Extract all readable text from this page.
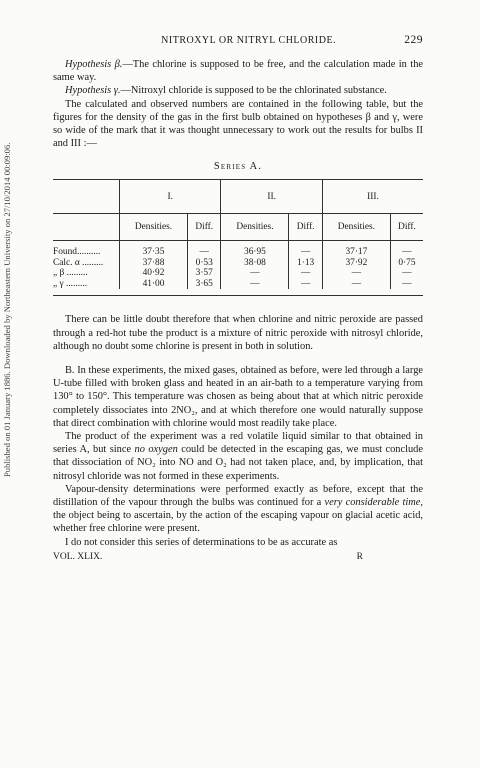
Published on 01 January 1886. Downloaded by Northeastern University on 27/10/2014 00:09:06.
NITROXYL OR NITRYL CHLORIDE.	229

Hypothesis β.—The chlorine is supposed to be free, and the calculation made in the same way.

Hypothesis γ.—Nitroxyl chloride is supposed to be the chlorinated substance.

The calculated and observed numbers are contained in the following table, but the figures for the density of the gas in the first bulb obtained on hypotheses β and γ, were so wide of the mark that it was thought unnecessary to work out the results for bulbs II and III :—

Series A.
	I.		II.		III.	
	Densities.	Diff.	Densities.	Diff.	Densities.	Diff.
Found..........	37·35	—	36·95	—	37·17	—
Calc. α .........	37·88	0·53	38·08	1·13	37·92	0·75
„ β .........	40·92	3·57	—	—	—	—
„ γ .........	41·00	3·65	—	—	—	—

There can be little doubt therefore that when chlorine and nitric peroxide are passed through a red-hot tube the product is a mixture of nitric peroxide with nitrosyl chloride, although no doubt some chlorine is present in both in solution.

B. In these experiments, the mixed gases, obtained as before, were led through a large U-tube filled with broken glass and heated in an air-bath to a temperature varying from 130° to 150°. This temperature was chosen as being about that at which nitric peroxide completely dissociates into 2NO₂, and at which therefore one would naturally suppose that direct combination with chlorine would most readily take place.

The product of the experiment was a red volatile liquid similar to that obtained in series A, but since no oxygen could be detected in the escaping gas, we must conclude that dissociation of NO₂ into NO and O₂ had not taken place, and, by implication, that nitrosyl chloride was not formed in these experiments.

Vapour-density determinations were performed exactly as before, except that the distillation of the vapour through the bulbs was continued for a very considerable time, the object being to ascertain, by the action of the escaping vapour on glacial acetic acid, whether free chlorine were present.

I do not consider this series of determinations to be as accurate as

VOL. XLIX.	R
